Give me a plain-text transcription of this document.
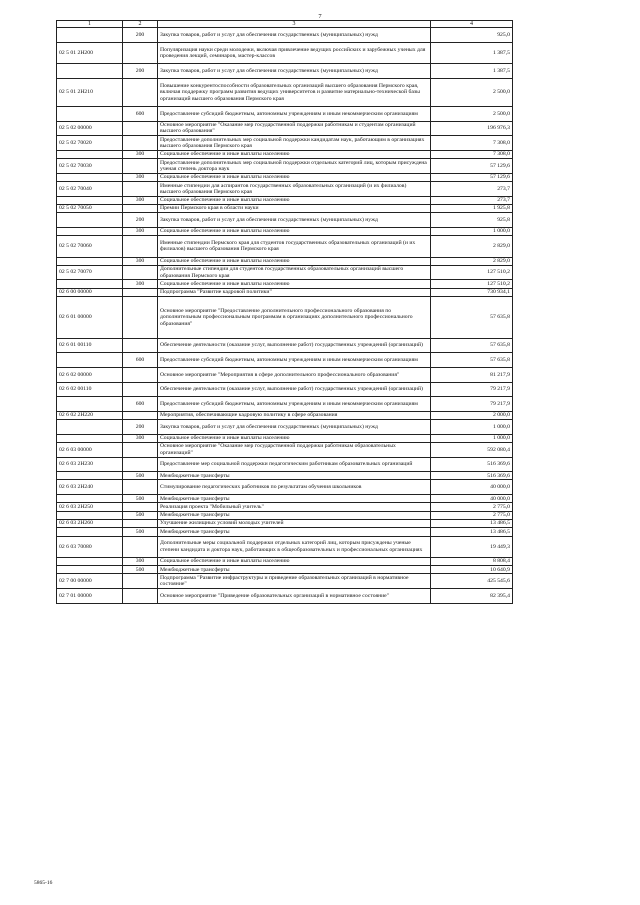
7
1	2	3	4
	200	Закупка товаров, работ и услуг для обеспечения государственных (муниципальных) нужд	925,0
02 5 01 2Н200		Популяризация науки среди молодежи, включая привлечение ведущих российских и зарубежных ученых для проведения лекций, семинаров, мастер-классов	1 387,5
	200	Закупка товаров, работ и услуг для обеспечения государственных (муниципальных) нужд	1 387,5
02 5 01 2Н210		Повышение конкурентоспособности образовательных организаций высшего образования Пермского края, включая поддержку программ развития ведущих университетов и развитие материально-технической базы организаций высшего образования Пермского края	2 500,0
	600	Предоставление субсидий бюджетным, автономным учреждениям и иным некоммерческим организациям	2 500,0
02 5 02 00000		Основное мероприятие "Оказание мер государственной поддержки работникам и студентам организаций высшего образования"	196 976,3
02 5 02 70020		Предоставление дополнительных мер социальной поддержки кандидатам наук, работающим в организациях высшего образования Пермского края	7 308,0
	300	Социальное обеспечение и иные выплаты населению	7 308,0
02 5 02 70030		Предоставление дополнительных мер социальной поддержки отдельных категорий лиц, которым присуждена ученая степень доктора наук	57 129,6
	300	Социальное обеспечение и иные выплаты населению	57 129,6
02 5 02 70040		Именные стипендии для аспирантов государственных образовательных организаций (и их филиалов) высшего образования Пермского края	273,7
	300	Социальное обеспечение и иные выплаты населению	273,7
02 5 02 70050		Премии Пермского края в области науки	1 925,8
	200	Закупка товаров, работ и услуг для обеспечения государственных (муниципальных) нужд	925,8
	300	Социальное обеспечение и иные выплаты населению	1 000,0
02 5 02 70060		Именные стипендии Пермского края для студентов государственных образовательных организаций (и их филиалов) высшего образования Пермского края	2 829,0
	300	Социальное обеспечение и иные выплаты населению	2 829,0
02 5 02 70070		Дополнительные стипендии для студентов государственных образовательных организаций высшего образования Пермского края	127 510,2
	300	Социальное обеспечение и иные выплаты населению	127 510,2
02 6 00 00000		Подпрограмма "Развитие кадровой политики"	730 934,1
02 6 01 00000		Основное мероприятие "Предоставление дополнительного профессионального образования по дополнительным профессиональным программам в организациях дополнительного профессионального образования"	57 635,8
02 6 01 00110		Обеспечение деятельности (оказание услуг, выполнение работ) государственных учреждений (организаций)	57 635,8
	600	Предоставление субсидий бюджетным, автономным учреждениям и иным некоммерческим организациям	57 635,8
02 6 02 00000		Основное мероприятие "Мероприятия в сфере дополнительного профессионального образования"	81 217,9
02 6 02 00110		Обеспечение деятельности (оказание услуг, выполнение работ) государственных учреждений (организаций)	79 217,9
	600	Предоставление субсидий бюджетным, автономным учреждениям и иным некоммерческим организациям	79 217,9
02 6 02 2Н220		Мероприятия, обеспечивающие кадровую политику в сфере образования	2 000,0
	200	Закупка товаров, работ и услуг для обеспечения государственных (муниципальных) нужд	1 000,0
	300	Социальное обеспечение и иные выплаты населению	1 000,0
02 6 03 00000		Основное мероприятие "Оказание мер государственной поддержки работникам образовательных организаций"	592 080,4
02 6 03 2Н230		Предоставление мер социальной поддержки педагогическим работникам образовательных организаций	516 369,6
	500	Межбюджетные трансферты	516 369,6
02 6 03 2Н240		Стимулирование педагогических работников по результатам обучения школьников	40 000,0
	500	Межбюджетные трансферты	40 000,0
02 6 03 2Н250		Реализация проекта "Мобильный учитель"	2 775,0
	500	Межбюджетные трансферты	2 775,0
02 6 03 2Н260		Улучшение жилищных условий молодых учителей	13 486,5
	500	Межбюджетные трансферты	13 486,5
02 6 03 70080		Дополнительные меры социальной поддержки отдельных категорий лиц, которым присуждены ученые степени кандидата и доктора наук, работающих в общеобразовательных и профессиональных организациях	19 449,3
	300	Социальное обеспечение и иные выплаты населению	8 808,4
	500	Межбюджетные трансферты	10 640,9
02 7 00 00000		Подпрограмма "Развитие инфраструктуры и приведение образовательных организаций в нормативное состояние"	425 545,6
02 7 01 00000		Основное мероприятие "Приведение образовательных организаций в нормативное состояние"	82 395,4
5865-16
